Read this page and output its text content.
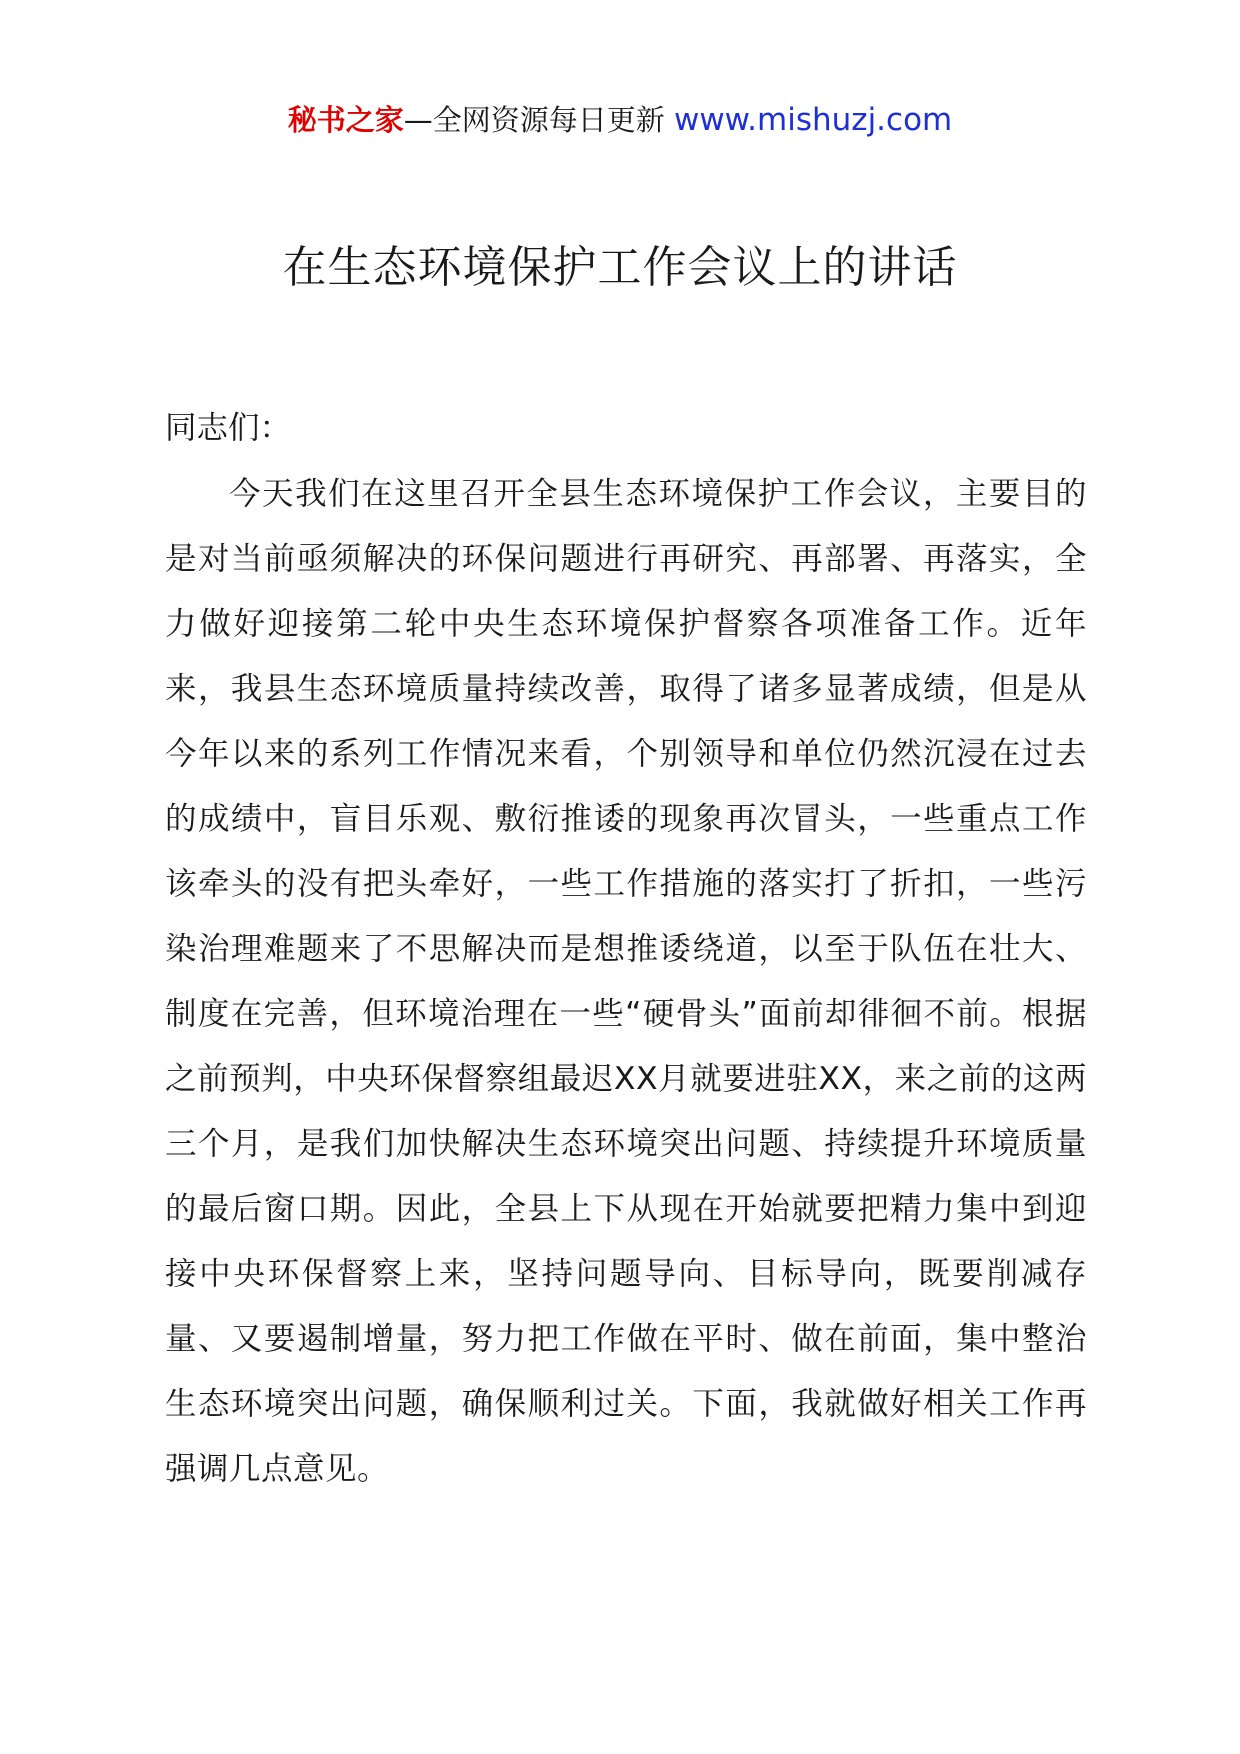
秘书之家—全网资源每日更新 www.mishuzj.com
在生态环境保护工作会议上的讲话
同志们：

今天我们在这里召开全县生态环境保护工作会议，主要目的是对当前亟须解决的环保问题进行再研究、再部署、再落实，全力做好迎接第二轮中央生态环境保护督察各项准备工作。近年来，我县生态环境质量持续改善，取得了诸多显著成绩，但是从今年以来的系列工作情况来看，个别领导和单位仍然沉浸在过去的成绩中，盲目乐观、敷衍推诿的现象再次冒头，一些重点工作该牵头的没有把头牵好，一些工作措施的落实打了折扣，一些污染治理难题来了不思解决而是想推诿绕道，以至于队伍在壮大、制度在完善，但环境治理在一些“硬骨头”面前却徘徊不前。根据之前预判，中央环保督察组最迟XX月就要进驻XX，来之前的这两三个月，是我们加快解决生态环境突出问题、持续提升环境质量的最后窗口期。因此，全县上下从现在开始就要把精力集中到迎接中央环保督察上来，坚持问题导向、目标导向，既要削减存量、又要遏制增量，努力把工作做在平时、做在前面，集中整治生态环境突出问题，确保顺利过关。下面，我就做好相关工作再强调几点意见。
